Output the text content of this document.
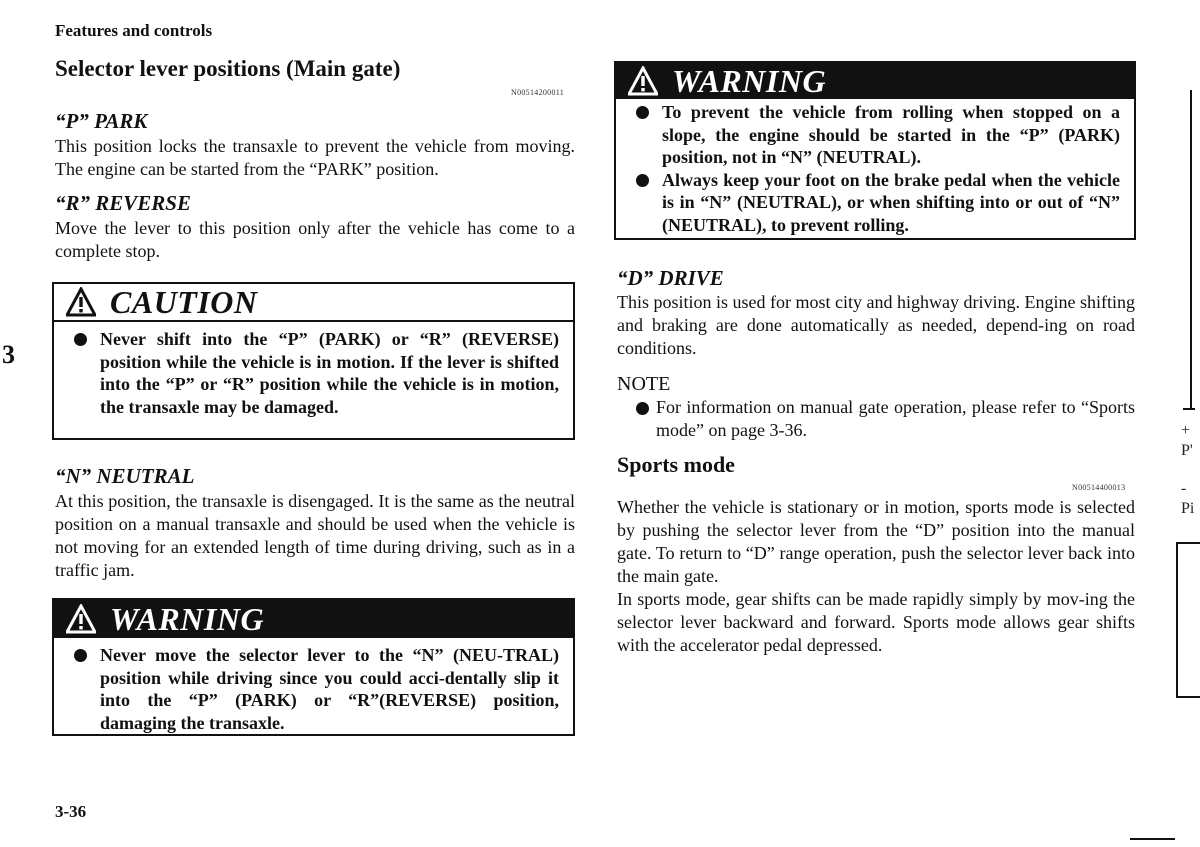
Features and controls
3
3-36
Selector lever positions (Main gate)
N00514200011
“P” PARK
This position locks the transaxle to prevent the vehicle from moving. The engine can be started from the “PARK” position.
“R” REVERSE
Move the lever to this position only after the vehicle has come to a complete stop.
CAUTION
Never shift into the “P” (PARK) or “R” (REVERSE) position while the vehicle is in motion. If the lever is shifted into the “P” or “R” position while the vehicle is in motion, the transaxle may be damaged.
“N” NEUTRAL
At this position, the transaxle is disengaged. It is the same as the neutral position on a manual transaxle and should be used when the vehicle is not moving for an extended length of time during driving, such as in a traffic jam.
WARNING
Never move the selector lever to the “N” (NEU-TRAL) position while driving since you could acci-dentally slip it into the “P” (PARK) or “R”(REVERSE) position, damaging the transaxle.
WARNING
To prevent the vehicle from rolling when stopped on a slope, the engine should be started in the “P” (PARK) position, not in “N” (NEUTRAL).
Always keep your foot on the brake pedal when the vehicle is in “N” (NEUTRAL), or when shifting into or out of “N” (NEUTRAL), to prevent rolling.
“D” DRIVE
This position is used for most city and highway driving. Engine shifting and braking are done automatically as needed, depend-ing on road conditions.
NOTE
For information on manual gate operation, please refer to “Sports mode” on page 3-36.
Sports mode
N00514400013
Whether the vehicle is stationary or in motion, sports mode is selected by pushing the selector lever from the “D” position into the manual gate. To return to “D” range operation, push the selector lever back into the main gate.
In sports mode, gear shifts can be made rapidly simply by mov-ing the selector lever backward and forward. Sports mode allows gear shifts with the accelerator pedal depressed.
+
P'
-
Pi
